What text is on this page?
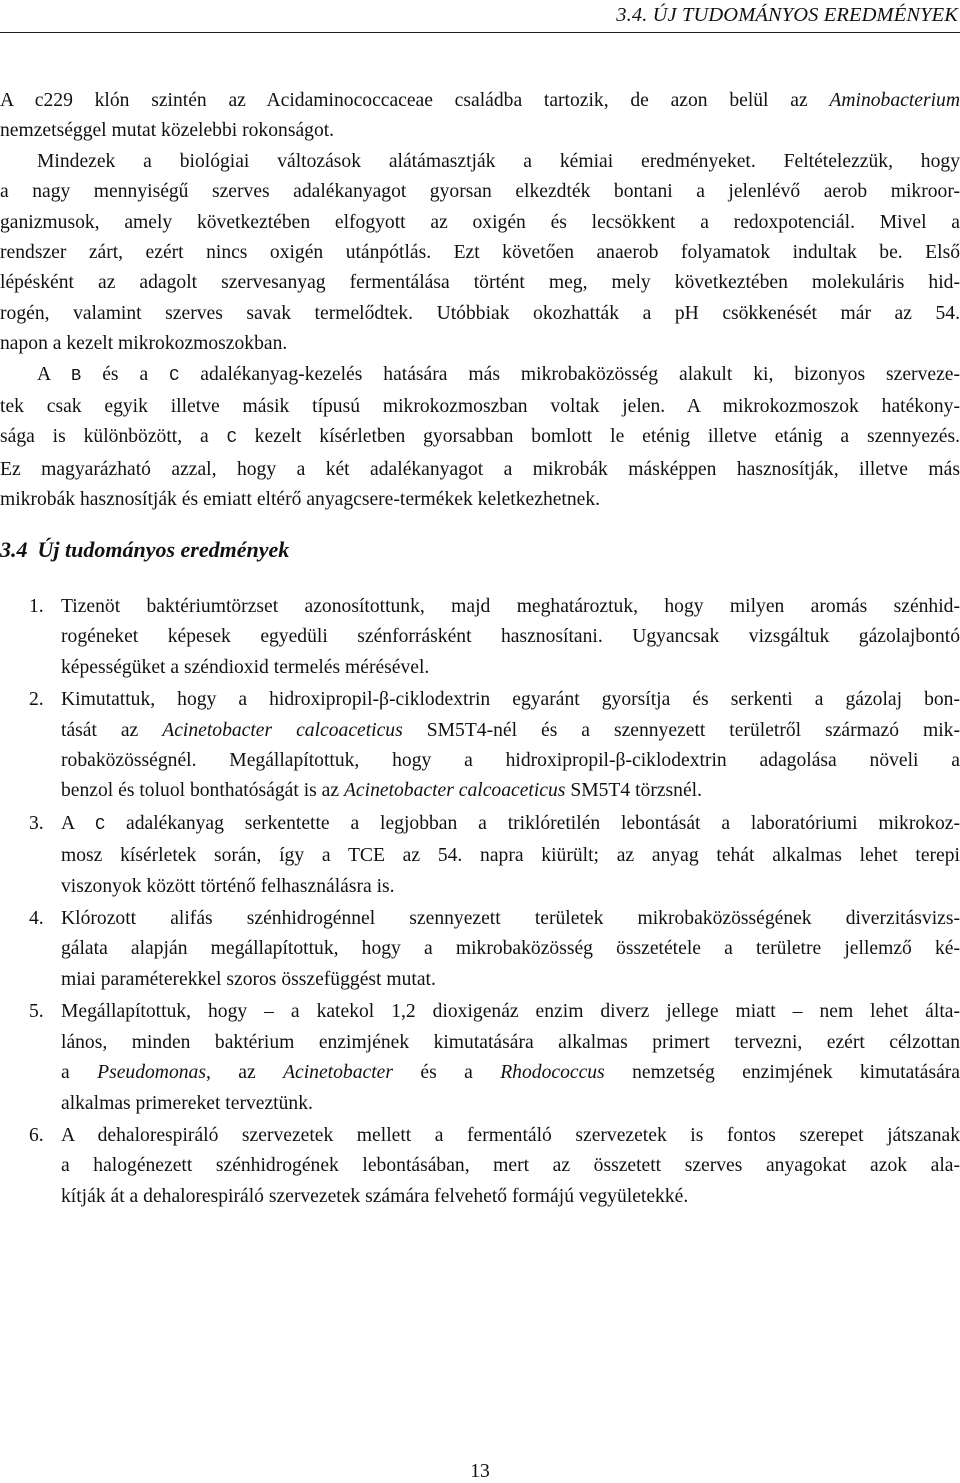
3.4. ÚJ TUDOMÁNYOS EREDMÉNYEK

A c229 klón szintén az Acidaminococcaceae családba tartozik, de azon belül az Aminobacterium
nemzetséggel mutat közelebbi rokonságot.

Mindezek a biológiai változások alátámasztják a kémiai eredményeket. Feltételezzük, hogy
a nagy mennyiségű szerves adalékanyagot gyorsan elkezdték bontani a jelenlévő aerob mikroor-
ganizmusok, amely következtében elfogyott az oxigén és lecsökkent a redoxpotenciál. Mivel a
rendszer zárt, ezért nincs oxigén utánpótlás. Ezt követően anaerob folyamatok indultak be. Első
lépésként az adagolt szervesanyag fermentálása történt meg, mely következtében molekuláris hid-
rogén, valamint szerves savak termelődtek. Utóbbiak okozhatták a pH csökkenését már az 54.
napon a kezelt mikrokozmoszokban.

A B és a C adalékanyag-kezelés hatására más mikrobaközösség alakult ki, bizonyos szerveze-
tek csak egyik illetve másik típusú mikrokozmoszban voltak jelen. A mikrokozmoszok hatékony-
sága is különbözött, a C kezelt kísérletben gyorsabban bomlott le eténig illetve etánig a szennyezés.
Ez magyarázható azzal, hogy a két adalékanyagot a mikrobák másképpen hasznosítják, illetve más
mikrobák hasznosítják és emiatt eltérő anyagcsere-termékek keletkezhetnek.

3.4 Új tudományos eredmények
1. Tizenöt baktériumtörzset azonosítottunk, majd meghatároztuk, hogy milyen aromás szénhid-
rogéneket képesek egyedüli szénforrásként hasznosítani. Ugyancsak vizsgáltuk gázolajbontó
képességüket a széndioxid termelés mérésével.
2. Kimutattuk, hogy a hidroxipropil-β-ciklodextrin egyaránt gyorsítja és serkenti a gázolaj bon-
tását az Acinetobacter calcoaceticus SM5T4-nél és a szennyezett területről származó mik-
robaközösségnél. Megállapítottuk, hogy a hidroxipropil-β-ciklodextrin adagolása növeli a
benzol és toluol bonthatóságát is az Acinetobacter calcoaceticus SM5T4 törzsnél.
3. A C adalékanyag serkentette a legjobban a triklóretilén lebontását a laboratóriumi mikrokoz-
mosz kísérletek során, így a TCE az 54. napra kiürült; az anyag tehát alkalmas lehet terepi
viszonyok között történő felhasználásra is.
4. Klórozott alifás szénhidrogénnel szennyezett területek mikrobaközösségének diverzitásvizs-
gálata alapján megállapítottuk, hogy a mikrobaközösség összetétele a területre jellemző ké-
miai paraméterekkel szoros összefüggést mutat.
5. Megállapítottuk, hogy – a katekol 1,2 dioxigenáz enzim diverz jellege miatt – nem lehet álta-
lános, minden baktérium enzimjének kimutatására alkalmas primert tervezni, ezért célzottan
a Pseudomonas, az Acinetobacter és a Rhodococcus nemzetség enzimjének kimutatására
alkalmas primereket terveztünk.
6. A dehalorespiráló szervezetek mellett a fermentáló szervezetek is fontos szerepet játszanak
a halogénezett szénhidrogének lebontásában, mert az összetett szerves anyagokat azok ala-
kítják át a dehalorespiráló szervezetek számára felvehető formájú vegyületekké.
13
